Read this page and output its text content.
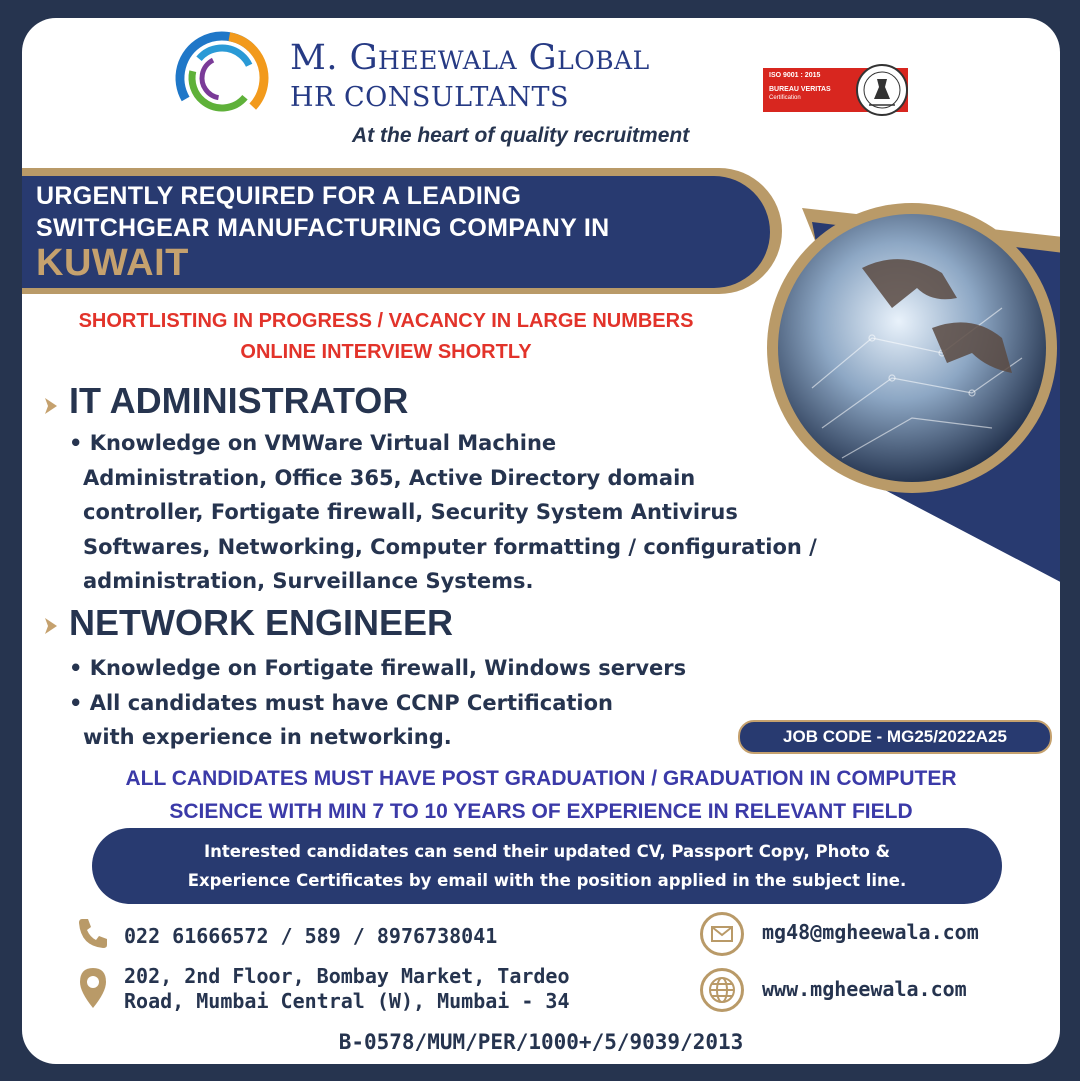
M. Gheewala Global
HR CONSULTANTS
At the heart of quality recruitment
ISO 9001 : 2015
BUREAU VERITAS
Certification
URGENTLY REQUIRED FOR A LEADING
SWITCHGEAR MANUFACTURING COMPANY IN
KUWAIT
SHORTLISTING IN PROGRESS / VACANCY IN LARGE NUMBERS
ONLINE INTERVIEW SHORTLY
IT ADMINISTRATOR
• Knowledge on VMWare Virtual Machine
Administration, Office 365, Active Directory domain
controller, Fortigate firewall, Security System Antivirus
Softwares, Networking, Computer formatting / configuration /
administration, Surveillance Systems.
NETWORK ENGINEER
• Knowledge on Fortigate firewall, Windows servers
• All candidates must have CCNP Certification
with experience in networking.	JOB CODE - MG25/2022A25
ALL CANDIDATES MUST HAVE POST GRADUATION / GRADUATION IN COMPUTER
SCIENCE WITH MIN 7 TO 10 YEARS OF EXPERIENCE IN RELEVANT FIELD
Interested candidates can send their updated CV, Passport Copy, Photo &
Experience Certificates by email with the position applied in the subject line.
022 61666572 / 589 / 8976738041
202, 2nd Floor, Bombay Market, Tardeo
Road, Mumbai Central (W), Mumbai - 34
mg48@mgheewala.com
www.mgheewala.com
B-0578/MUM/PER/1000+/5/9039/2013
